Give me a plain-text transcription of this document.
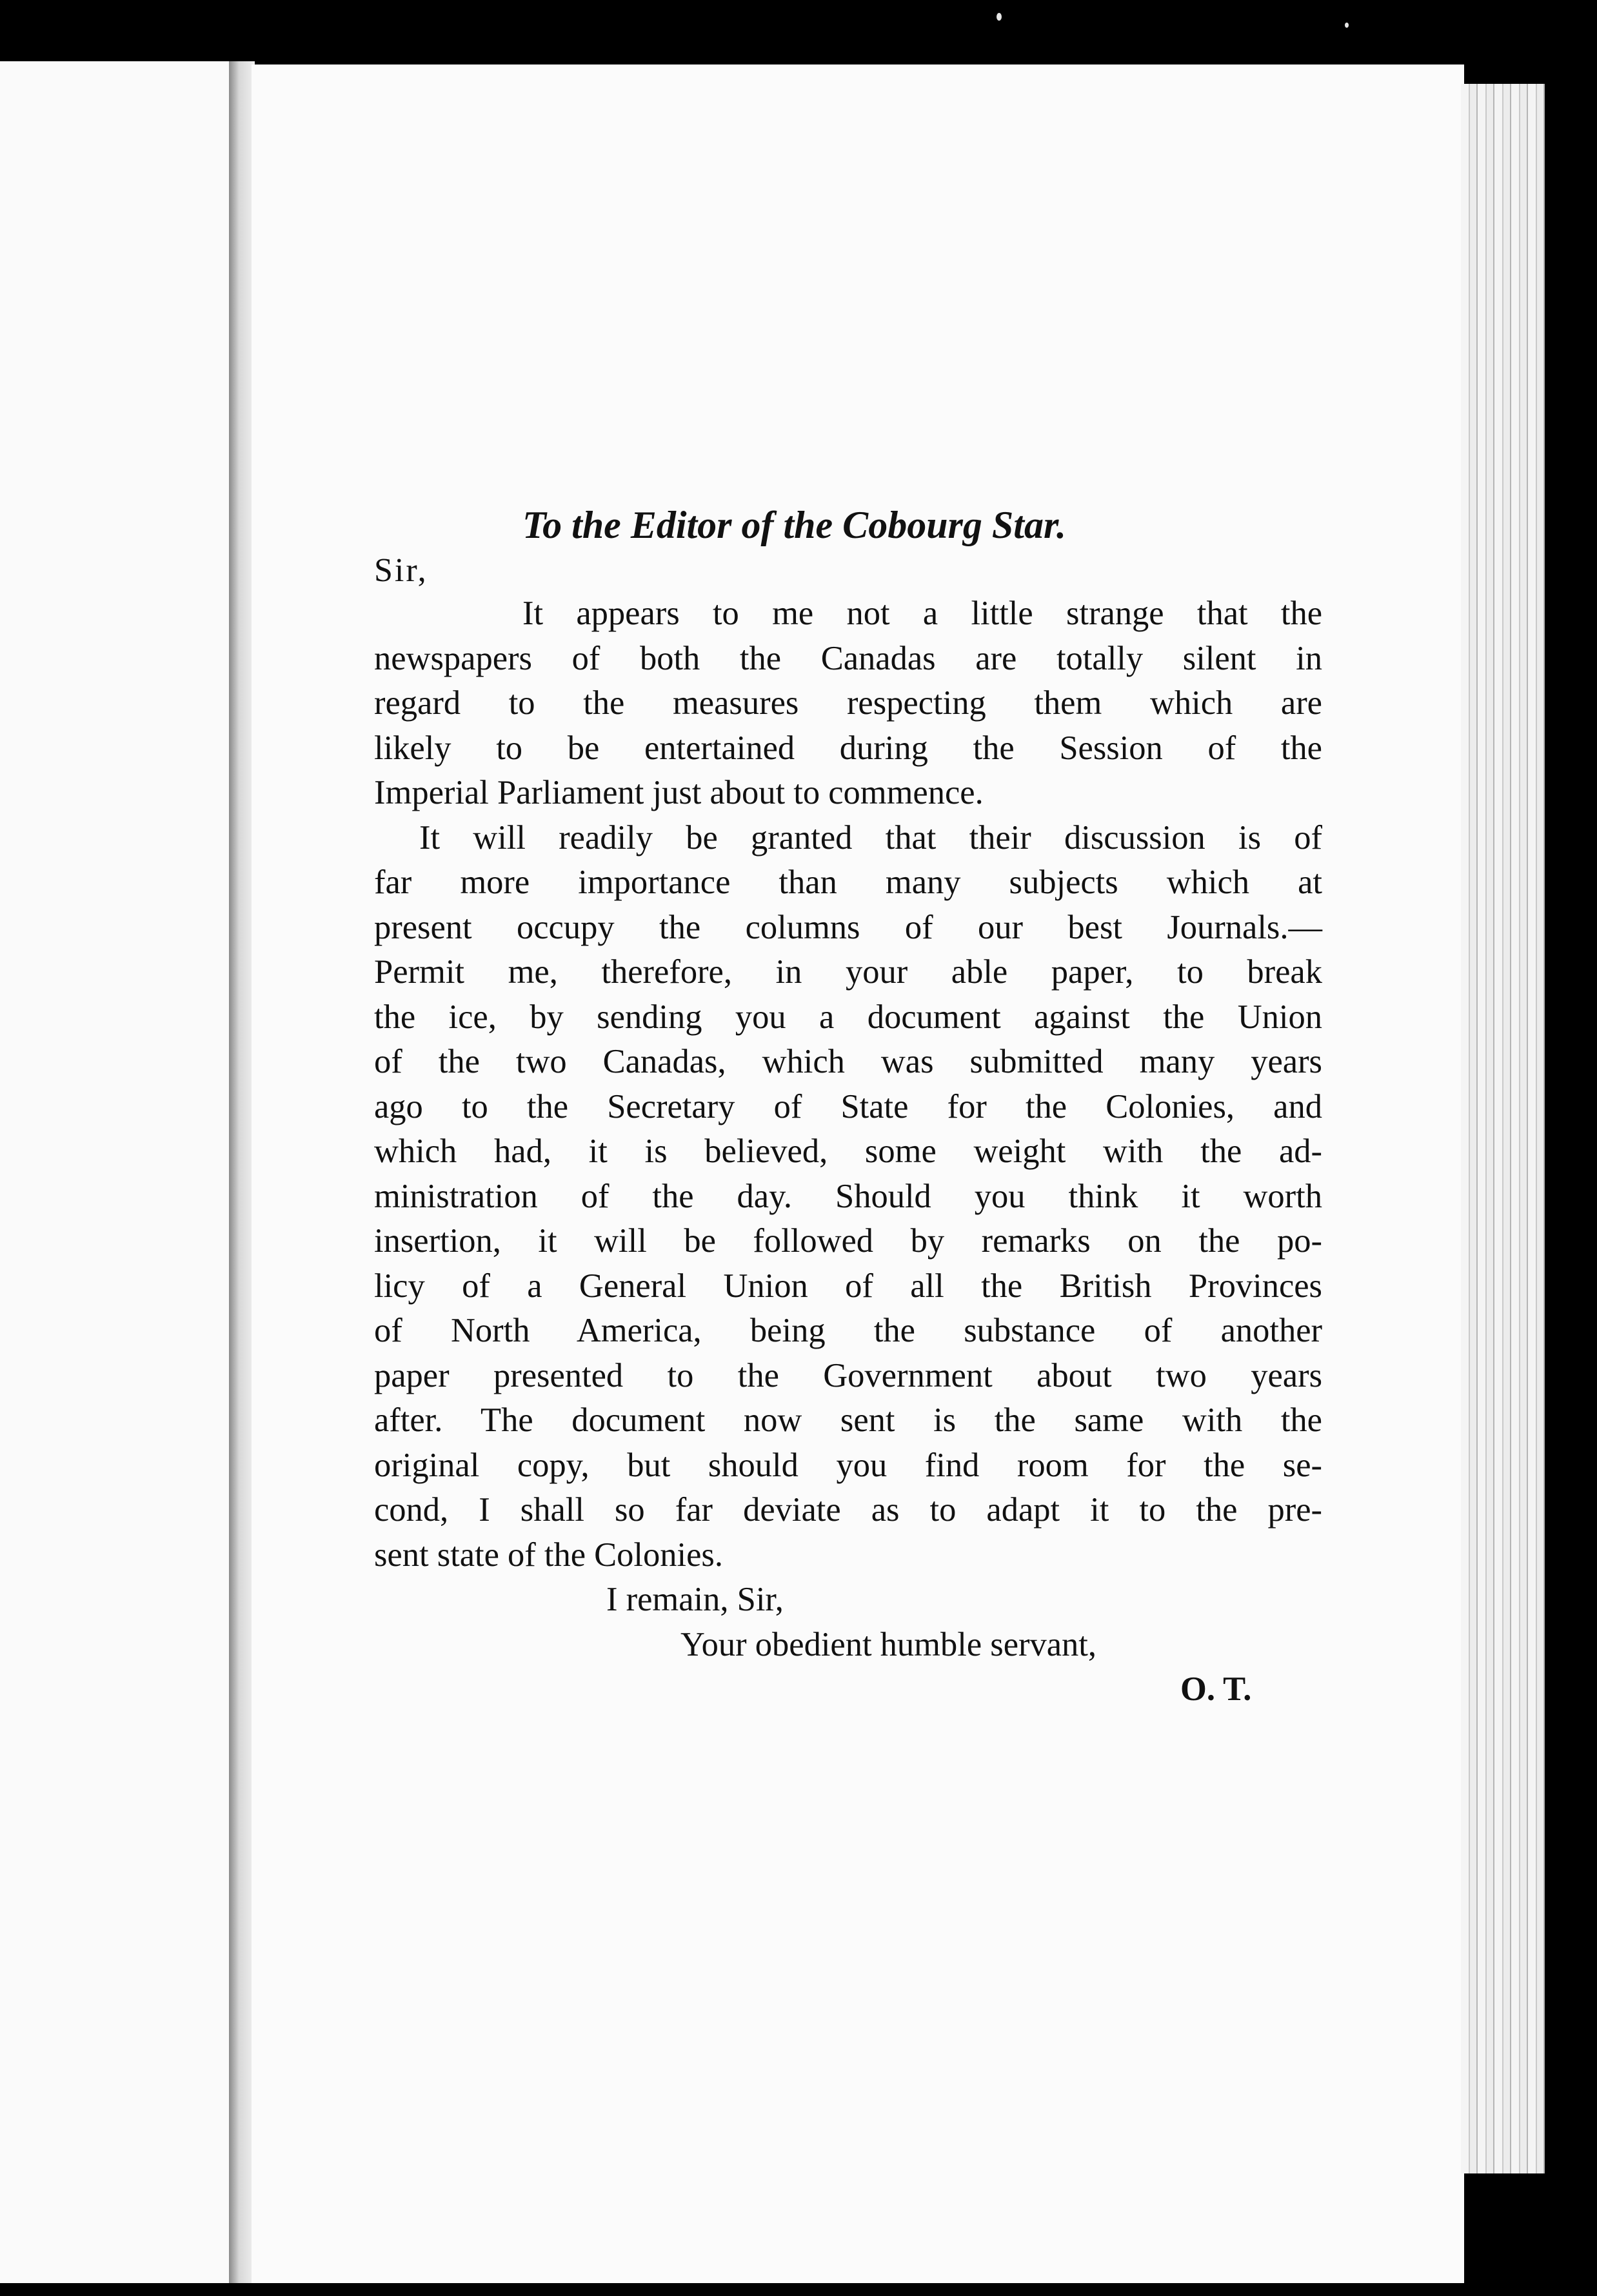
To the Editor of the Cobourg Star.
Sir,
It appears to me not a little strange that the
newspapers of both the Canadas are totally silent in
regard to the measures respecting them which are
likely to be entertained during the Session of the
Imperial Parliament just about to commence.
It will readily be granted that their discussion is of
far more importance than many subjects which at
present occupy the columns of our best Journals.—
Permit me, therefore, in your able paper, to break
the ice, by sending you a document against the Union
of the two Canadas, which was submitted many years
ago to the Secretary of State for the Colonies, and
which had, it is believed, some weight with the ad-
ministration of the day. Should you think it worth
insertion, it will be followed by remarks on the po-
licy of a General Union of all the British Provinces
of North America, being the substance of another
paper presented to the Government about two years
after. The document now sent is the same with the
original copy, but should you find room for the se-
cond, I shall so far deviate as to adapt it to the pre-
sent state of the Colonies.
I remain, Sir,
Your obedient humble servant,
O. T.
